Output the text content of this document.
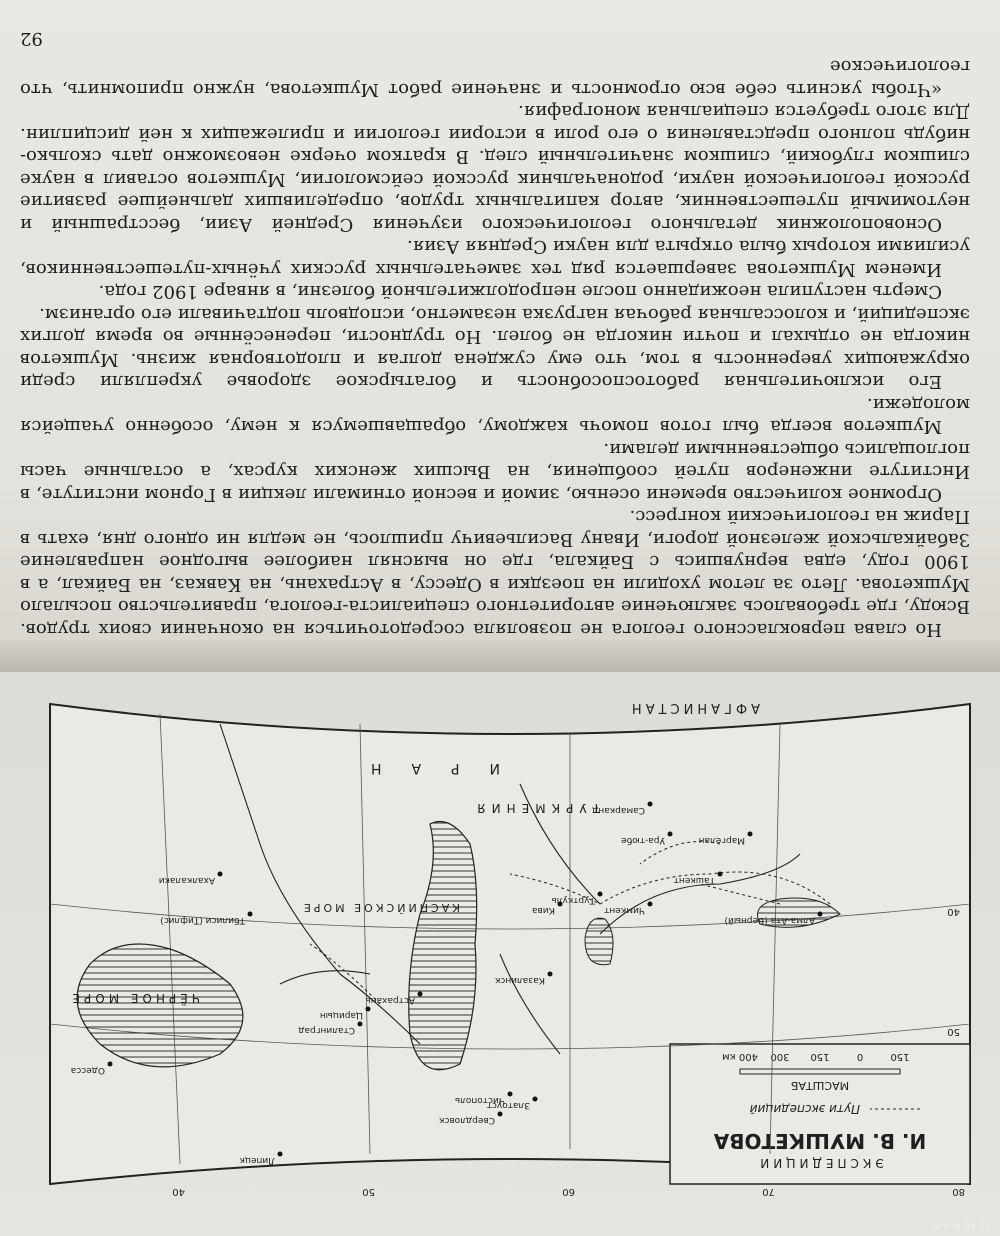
Но слава первоклассного геолога не позволяла сосредоточиться на окончании своих трудов. Всюду, где требовалось заключение авторитетного специалиста-геолога, правительство посылало Мушкетова. Лето за летом уходили на поездки в Одессу, в Астрахань, на Кавказ, на Байкал, а в 1900 году, едва вернувшись с Байкала, где он выяснял наиболее выгодное направление Забайкальской железной дороги, Ивану Васильевичу пришлось, не медля ни одного дня, ехать в Париж на геологический конгресс.

Огромное количество времени осенью, зимой и весной отнимали лекции в Горном институте, в Институте инженеров путей сообщения, на Высших женских курсах, а остальные часы поглощались общественными делами.

Мушкетов всегда был готов помочь каждому, обращавшемуся к нему, особенно учащейся молодежи.

Его исключительная работоспособность и богатырское здоровье укрепляли среди окружающих уверенность в том, что ему суждена долгая и плодотворная жизнь. Мушкетов никогда не отдыхал и почти никогда не болел. Но трудности, перенесённые во время долгих экспедиций, и колоссальная рабочая нагрузка незаметно, исподволь подтачивали его организм.

Смерть наступила неожиданно после непродолжительной болезни, в январе 1902 года.

Именем Мушкетова завершается ряд тех замечательных русских учёных-путешественников, усилиями которых была открыта для науки Средняя Азия.

Основоположник детального геологического изучения Средней Азии, бесстрашный и неутомимый путешественник, автор капитальных трудов, определивших дальнейшее развитие русской геологической науки, родоначальник русской сейсмологии, Мушкетов оставил в науке слишком глубокий, слишком значительный след. В кратком очерке невозможно дать сколько-нибудь полного представления о его роли в истории геологии и прилежащих к ней дисциплин. Для этого требуется специальная монография.

«Чтобы уяснить себе всю огромность и значение работ Мушкетова, нужно припомнить, что геологическое

92
ЭКСПЕДИЦИИ
И. В. МУШКЕТОВА
Пути экспедиций
МАСШТАБ
150
0
150
300
400 км
ИРАН
АФГАНИСТАН
ТУРКМЕНИЯ
ЧЁРНОЕ МОРЕ
КАСПИЙСКОЕ МОРЕ
Одесса
Липецк
Сталинград
Царицын
Астрахань
Тбилиси (Тифлис)
Ахалкалаки
Кива
Самарканд
Ташкент
Алма-Ата (Верный)
Свердловск
Златоуст
Казалинск
Турткуль
Чимкент
Маргелан
Ура-тюбе
Чистополь
40
50
40	50	60	70	80
www.ay.by
